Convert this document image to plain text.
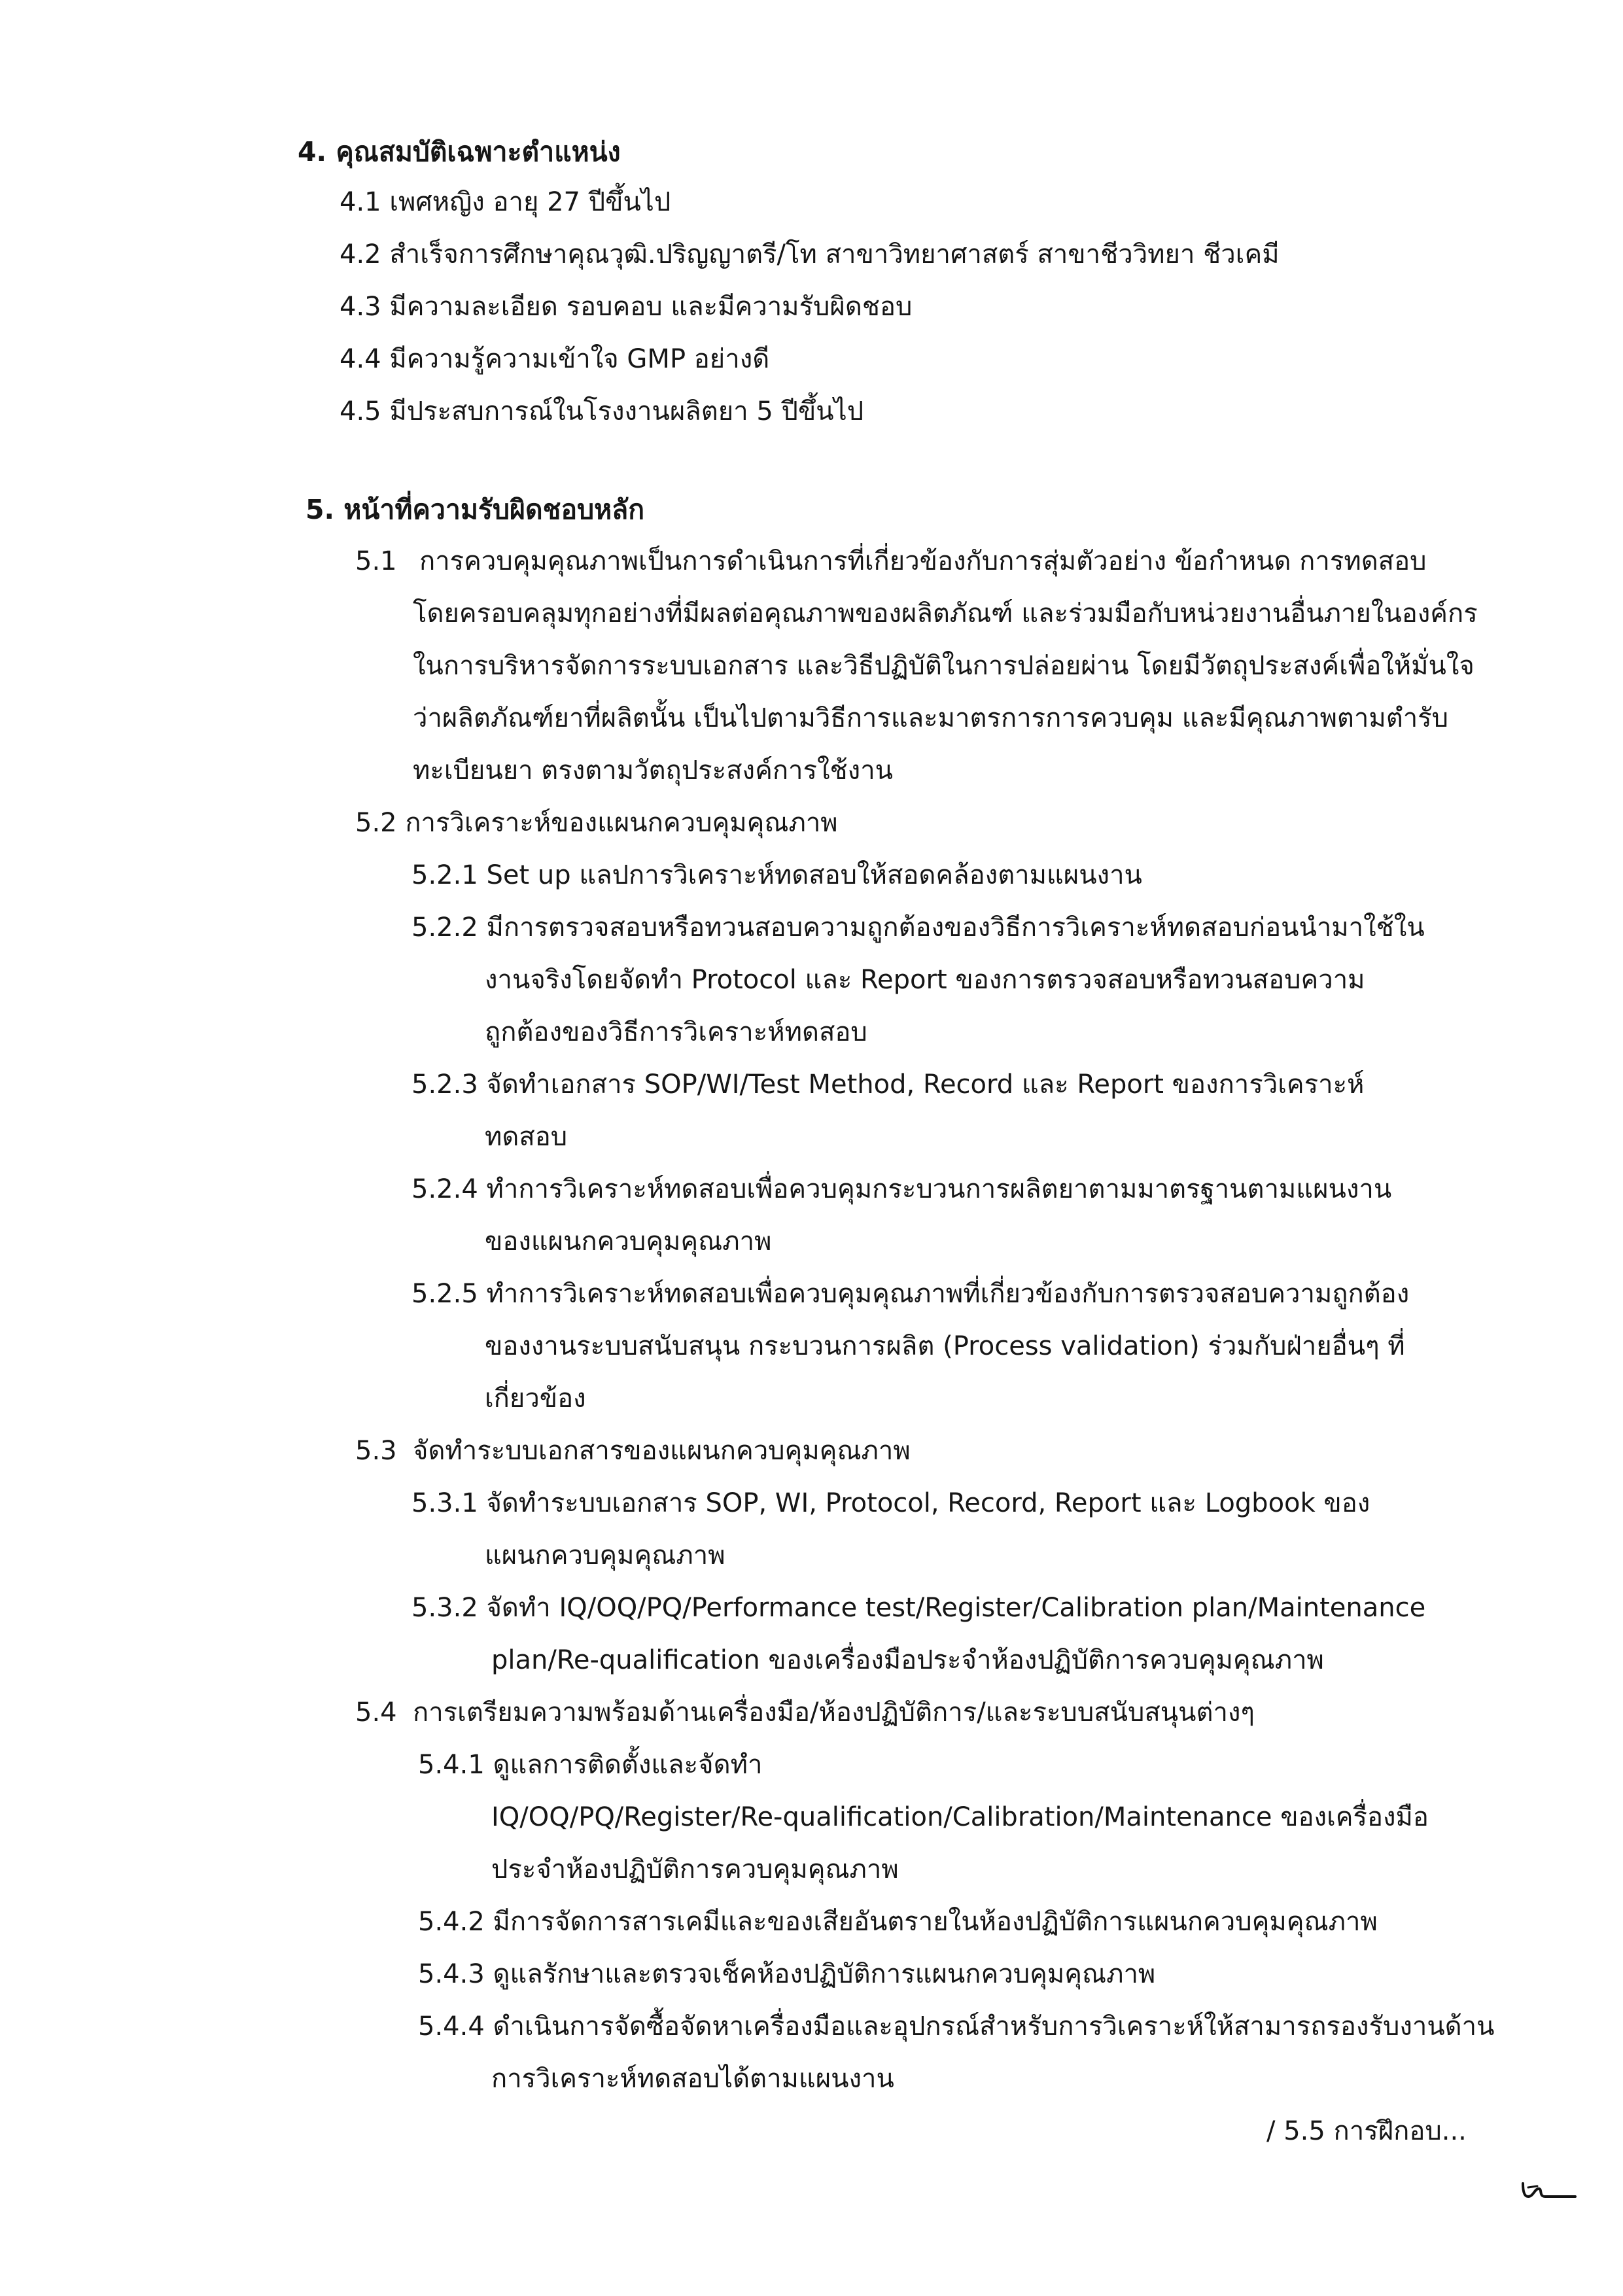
4. คุณสมบัติเฉพาะตำแหน่ง
4.1 เพศหญิง อายุ 27 ปีขึ้นไป
4.2 สำเร็จการศึกษาคุณวุฒิ.ปริญญาตรี/โท สาขาวิทยาศาสตร์ สาขาชีววิทยา ชีวเคมี
4.3 มีความละเอียด รอบคอบ และมีความรับผิดชอบ
4.4 มีความรู้ความเข้าใจ GMP อย่างดี
4.5 มีประสบการณ์ในโรงงานผลิตยา 5 ปีขึ้นไป
5. หน้าที่ความรับผิดชอบหลัก
5.1 การควบคุมคุณภาพเป็นการดำเนินการที่เกี่ยวข้องกับการสุ่มตัวอย่าง ข้อกำหนด การทดสอบ
โดยครอบคลุมทุกอย่างที่มีผลต่อคุณภาพของผลิตภัณฑ์ และร่วมมือกับหน่วยงานอื่นภายในองค์กร
ในการบริหารจัดการระบบเอกสาร และวิธีปฏิบัติในการปล่อยผ่าน โดยมีวัตถุประสงค์เพื่อให้มั่นใจ
ว่าผลิตภัณฑ์ยาที่ผลิตนั้น เป็นไปตามวิธีการและมาตรการการควบคุม และมีคุณภาพตามตำรับ
ทะเบียนยา ตรงตามวัตถุประสงค์การใช้งาน
5.2 การวิเคราะห์ของแผนกควบคุมคุณภาพ
5.2.1 Set up แลปการวิเคราะห์ทดสอบให้สอดคล้องตามแผนงาน
5.2.2 มีการตรวจสอบหรือทวนสอบความถูกต้องของวิธีการวิเคราะห์ทดสอบก่อนนำมาใช้ใน
งานจริงโดยจัดทำ Protocol และ Report ของการตรวจสอบหรือทวนสอบความ
ถูกต้องของวิธีการวิเคราะห์ทดสอบ
5.2.3 จัดทำเอกสาร SOP/WI/Test Method, Record และ Report ของการวิเคราะห์
ทดสอบ
5.2.4 ทำการวิเคราะห์ทดสอบเพื่อควบคุมกระบวนการผลิตยาตามมาตรฐานตามแผนงาน
ของแผนกควบคุมคุณภาพ
5.2.5 ทำการวิเคราะห์ทดสอบเพื่อควบคุมคุณภาพที่เกี่ยวข้องกับการตรวจสอบความถูกต้อง
ของงานระบบสนับสนุน กระบวนการผลิต (Process validation) ร่วมกับฝ่ายอื่นๆ ที่
เกี่ยวข้อง
5.3 จัดทำระบบเอกสารของแผนกควบคุมคุณภาพ
5.3.1 จัดทำระบบเอกสาร SOP, WI, Protocol, Record, Report และ Logbook ของ
แผนกควบคุมคุณภาพ
5.3.2 จัดทำ IQ/OQ/PQ/Performance test/Register/Calibration plan/Maintenance
plan/Re-qualification ของเครื่องมือประจำห้องปฏิบัติการควบคุมคุณภาพ
5.4 การเตรียมความพร้อมด้านเครื่องมือ/ห้องปฏิบัติการ/และระบบสนับสนุนต่างๆ
5.4.1 ดูแลการติดตั้งและจัดทำ
IQ/OQ/PQ/Register/Re-qualification/Calibration/Maintenance ของเครื่องมือ
ประจำห้องปฏิบัติการควบคุมคุณภาพ
5.4.2 มีการจัดการสารเคมีและของเสียอันตรายในห้องปฏิบัติการแผนกควบคุมคุณภาพ
5.4.3 ดูแลรักษาและตรวจเช็คห้องปฏิบัติการแผนกควบคุมคุณภาพ
5.4.4 ดำเนินการจัดซื้อจัดหาเครื่องมือและอุปกรณ์สำหรับการวิเคราะห์ให้สามารถรองรับงานด้าน
การวิเคราะห์ทดสอบได้ตามแผนงาน
/ 5.5 การฝึกอบ...
